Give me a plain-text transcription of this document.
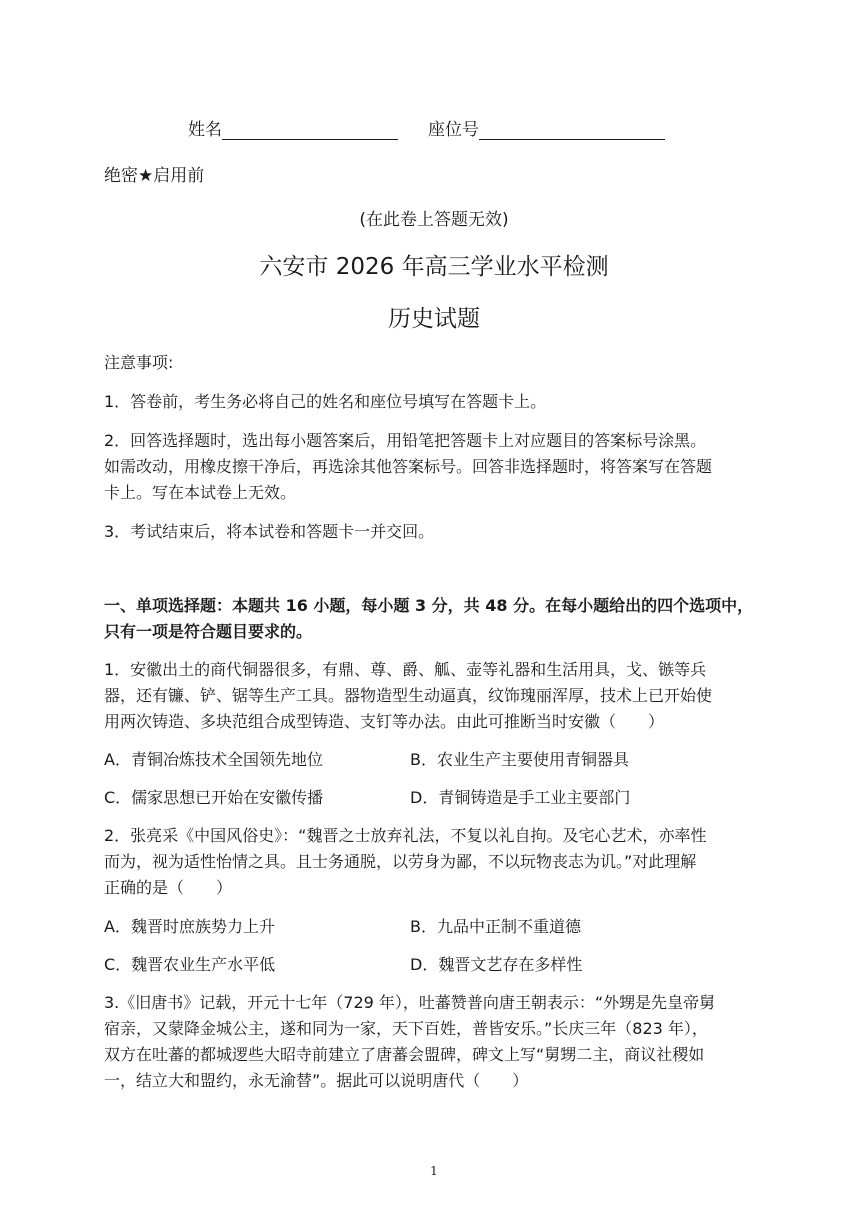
姓名	座位号

绝密★启用前

(在此卷上答题无效)

六安市 2026 年高三学业水平检测

历史试题

注意事项:

1．答卷前，考生务必将自己的姓名和座位号填写在答题卡上。

2．回答选择题时，选出每小题答案后，用铅笔把答题卡上对应题目的答案标号涂黑。

如需改动，用橡皮擦干净后，再选涂其他答案标号。回答非选择题时，将答案写在答题

卡上。写在本试卷上无效。

3．考试结束后，将本试卷和答题卡一并交回。

一、单项选择题：本题共 16 小题，每小题 3 分，共 48 分。在每小题给出的四个选项中，

只有一项是符合题目要求的。

1．安徽出土的商代铜器很多，有鼎、尊、爵、觚、壶等礼器和生活用具，戈、镞等兵

器，还有镰、铲、锯等生产工具。器物造型生动逼真，纹饰瑰丽浑厚，技术上已开始使

用两次铸造、多块范组合成型铸造、支钉等办法。由此可推断当时安徽（　　）

A．青铜冶炼技术全国领先地位	B．农业生产主要使用青铜器具

C．儒家思想已开始在安徽传播	D．青铜铸造是手工业主要部门

2．张亮采《中国风俗史》：“魏晋之士放弃礼法，不复以礼自拘。及宅心艺术，亦率性

而为，视为适性怡情之具。且士务通脱，以劳身为鄙，不以玩物丧志为讥。”对此理解

正确的是（　　）

A．魏晋时庶族势力上升	B．九品中正制不重道德

C．魏晋农业生产水平低	D．魏晋文艺存在多样性

3.《旧唐书》记载，开元十七年（729 年），吐蕃赞普向唐王朝表示：“外甥是先皇帝舅

宿亲，又蒙降金城公主，遂和同为一家，天下百姓，普皆安乐。”长庆三年（823 年），

双方在吐蕃的都城逻些大昭寺前建立了唐蕃会盟碑，碑文上写“舅甥二主，商议社稷如

一，结立大和盟约，永无渝替”。据此可以说明唐代（　　）

1
